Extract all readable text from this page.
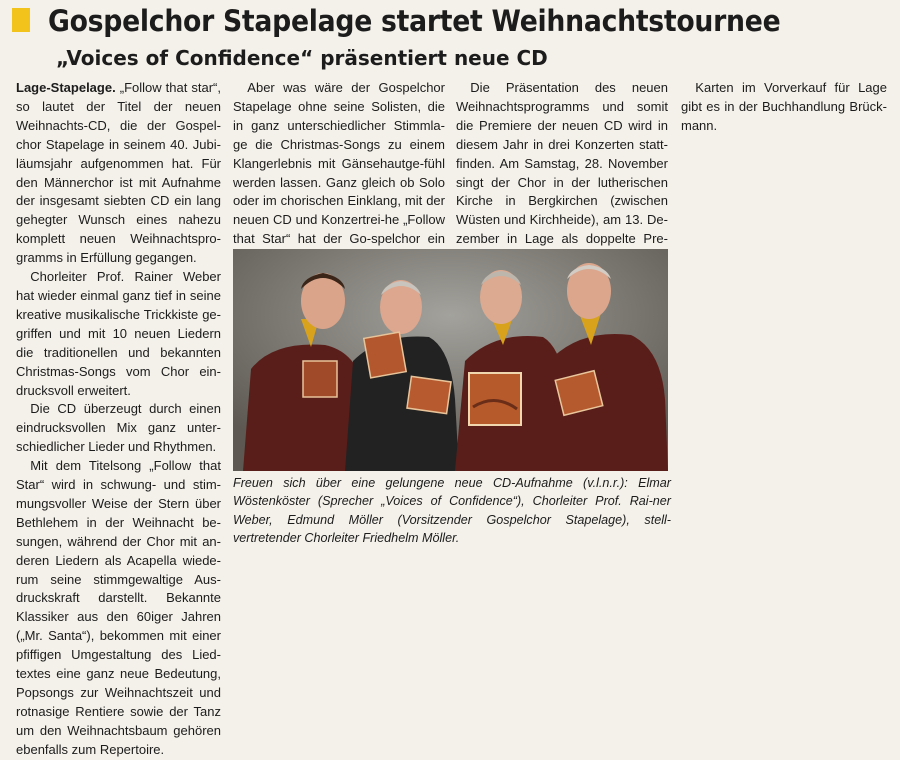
Gospelchor Stapelage startet Weihnachtstournee
„Voices of Confidence“ präsentiert neue CD

Lage-Stapelage. „Follow that star“, so lautet der Titel der neuen Weihnachts-CD, die der Gospel-chor Stapelage in seinem 40. Jubi-läumsjahr aufgenommen hat. Für den Männerchor ist mit Aufnahme der insgesamt siebten CD ein lang gehegter Wunsch eines nahezu komplett neuen Weihnachtspro-gramms in Erfüllung gegangen.

Chorleiter Prof. Rainer Weber hat wieder einmal ganz tief in seine kreative musikalische Trickkiste ge-griffen und mit 10 neuen Liedern die traditionellen und bekannten Christmas-Songs vom Chor ein-drucksvoll erweitert.

Die CD überzeugt durch einen eindrucksvollen Mix ganz unter-schiedlicher Lieder und Rhythmen.

Mit dem Titelsong „Follow that Star“ wird in schwung- und stim-mungsvoller Weise der Stern über Bethlehem in der Weihnacht be-sungen, während der Chor mit an-deren Liedern als Acapella wiede-rum seine stimmgewaltige Aus-druckskraft darstellt. Bekannte Klassiker aus den 60iger Jahren („Mr. Santa“), bekommen mit einer pfiffigen Umgestaltung des Lied-textes eine ganz neue Bedeutung, Popsongs zur Weihnachtszeit und rotnasige Rentiere sowie der Tanz um den Weihnachtsbaum gehören ebenfalls zum Repertoire.

Aber was wäre der Gospelchor Stapelage ohne seine Solisten, die in ganz unterschiedlicher Stimmla-ge die Christmas-Songs zu einem Klangerlebnis mit Gänsehautge-fühl werden lassen. Ganz gleich ob Solo oder im chorischen Einklang, mit der neuen CD und Konzertrei-he „Follow that Star“ hat der Go-spelchor ein

Die Präsentation des neuen Weihnachtsprogramms und somit die Premiere der neuen CD wird in diesem Jahr in drei Konzerten statt-finden. Am Samstag, 28. November singt der Chor in der lutherischen Kirche in Bergkirchen (zwischen Wüsten und Kirchheide), am 13. De-zember in Lage als doppelte Pre-

Karten im Vorverkauf für Lage gibt es in der Buchhandlung Brück-mann.

Freuen sich über eine gelungene neue CD-Aufnahme (v.l.n.r.): Elmar Wöstenköster (Sprecher „Voices of Confidence“), Chorleiter Prof. Rai-ner Weber, Edmund Möller (Vorsitzender Gospelchor Stapelage), stell-vertretender Chorleiter Friedhelm Möller.
